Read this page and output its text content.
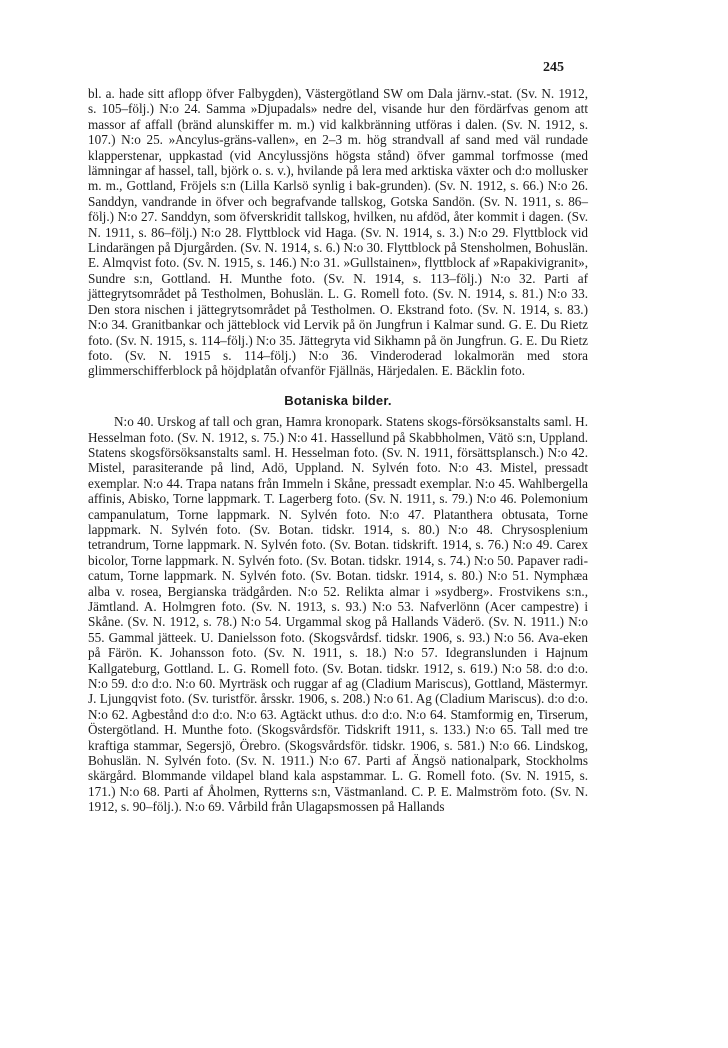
245

bl. a. hade sitt aflopp öfver Falbygden), Västergötland SW om Dala järnv.-stat. (Sv. N. 1912, s. 105–följ.) N:o 24. Samma »Djupadals» nedre del, visande hur den fördärfvas genom att massor af affall (bränd alunskiffer m. m.) vid kalkbränning utföras i dalen. (Sv. N. 1912, s. 107.) N:o 25. »Ancylus-gräns-vallen», en 2–3 m. hög strandvall af sand med väl rundade klapperstenar, uppkastad (vid Ancylussjöns högsta stånd) öfver gammal torfmosse (med lämningar af hassel, tall, björk o. s. v.), hvilande på lera med arktiska växter och d:o mollusker m. m., Gottland, Fröjels s:n (Lilla Karlsö synlig i bak-grunden). (Sv. N. 1912, s. 66.) N:o 26. Sanddyn, vandrande in öfver och begrafvande tallskog, Gotska Sandön. (Sv. N. 1911, s. 86–följ.) N:o 27. Sanddyn, som öfverskridit tallskog, hvilken, nu afdöd, åter kommit i dagen. (Sv. N. 1911, s. 86–följ.) N:o 28. Flyttblock vid Haga. (Sv. N. 1914, s. 3.) N:o 29. Flyttblock vid Lindarängen på Djurgården. (Sv. N. 1914, s. 6.) N:o 30. Flyttblock på Stensholmen, Bohuslän. E. Almqvist foto. (Sv. N. 1915, s. 146.) N:o 31. »Gullstainen», flyttblock af »Rapakivigranit», Sundre s:n, Gottland. H. Munthe foto. (Sv. N. 1914, s. 113–följ.) N:o 32. Parti af jättegrytsområdet på Testholmen, Bohuslän. L. G. Romell foto. (Sv. N. 1914, s. 81.) N:o 33. Den stora nischen i jättegrytsområdet på Testholmen. O. Ekstrand foto. (Sv. N. 1914, s. 83.) N:o 34. Granitbankar och jätteblock vid Lervik på ön Jungfrun i Kalmar sund. G. E. Du Rietz foto. (Sv. N. 1915, s. 114–följ.) N:o 35. Jättegryta vid Sikhamn på ön Jungfrun. G. E. Du Rietz foto. (Sv. N. 1915 s. 114–följ.) N:o 36. Vinderoderad lokalmorän med stora glimmerschifferblock på höjdplatån ofvanför Fjällnäs, Härjedalen. E. Bäcklin foto.

Botaniska bilder.

N:o 40. Urskog af tall och gran, Hamra kronopark. Statens skogs-försöksanstalts saml. H. Hesselman foto. (Sv. N. 1912, s. 75.) N:o 41. Hassellund på Skabbholmen, Vätö s:n, Uppland. Statens skogsförsöksanstalts saml. H. Hesselman foto. (Sv. N. 1911, försättsplansch.) N:o 42. Mistel, parasiterande på lind, Adö, Uppland. N. Sylvén foto. N:o 43. Mistel, pressadt exemplar. N:o 44. Trapa natans från Immeln i Skåne, pressadt exemplar. N:o 45. Wahlbergella affinis, Abisko, Torne lappmark. T. Lagerberg foto. (Sv. N. 1911, s. 79.) N:o 46. Polemonium campanulatum, Torne lappmark. N. Sylvén foto. N:o 47. Platanthera obtusata, Torne lappmark. N. Sylvén foto. (Sv. Botan. tidskr. 1914, s. 80.) N:o 48. Chrysosplenium tetrandrum, Torne lappmark. N. Sylvén foto. (Sv. Botan. tidskrift. 1914, s. 76.) N:o 49. Carex bicolor, Torne lappmark. N. Sylvén foto. (Sv. Botan. tidskr. 1914, s. 74.) N:o 50. Papaver radi-catum, Torne lappmark. N. Sylvén foto. (Sv. Botan. tidskr. 1914, s. 80.) N:o 51. Nymphæa alba v. rosea, Bergianska trädgården. N:o 52. Relikta almar i »sydberg». Frostvikens s:n., Jämtland. A. Holmgren foto. (Sv. N. 1913, s. 93.) N:o 53. Nafverlönn (Acer campestre) i Skåne. (Sv. N. 1912, s. 78.) N:o 54. Urgammal skog på Hallands Väderö. (Sv. N. 1911.) N:o 55. Gammal jätteek. U. Danielsson foto. (Skogsvårdsf. tidskr. 1906, s. 93.) N:o 56. Ava-eken på Färön. K. Johansson foto. (Sv. N. 1911, s. 18.) N:o 57. Idegranslunden i Hajnum Kallgateburg, Gottland. L. G. Romell foto. (Sv. Botan. tidskr. 1912, s. 619.) N:o 58. d:o d:o. N:o 59. d:o d:o. N:o 60. Myrträsk och ruggar af ag (Cladium Mariscus), Gottland, Mästermyr. J. Ljungqvist foto. (Sv. turistför. årsskr. 1906, s. 208.) N:o 61. Ag (Cladium Mariscus). d:o d:o. N:o 62. Agbestånd d:o d:o. N:o 63. Agtäckt uthus. d:o d:o. N:o 64. Stamformig en, Tirserum, Östergötland. H. Munthe foto. (Skogsvårdsför. Tidskrift 1911, s. 133.) N:o 65. Tall med tre kraftiga stammar, Segersjö, Örebro. (Skogsvårdsför. tidskr. 1906, s. 581.) N:o 66. Lindskog, Bohuslän. N. Sylvén foto. (Sv. N. 1911.) N:o 67. Parti af Ängsö nationalpark, Stockholms skärgård. Blommande vildapel bland kala aspstammar. L. G. Romell foto. (Sv. N. 1915, s. 171.) N:o 68. Parti af Åholmen, Rytterns s:n, Västmanland. C. P. E. Malmström foto. (Sv. N. 1912, s. 90–följ.). N:o 69. Vårbild från Ulagapsmossen på Hallands
